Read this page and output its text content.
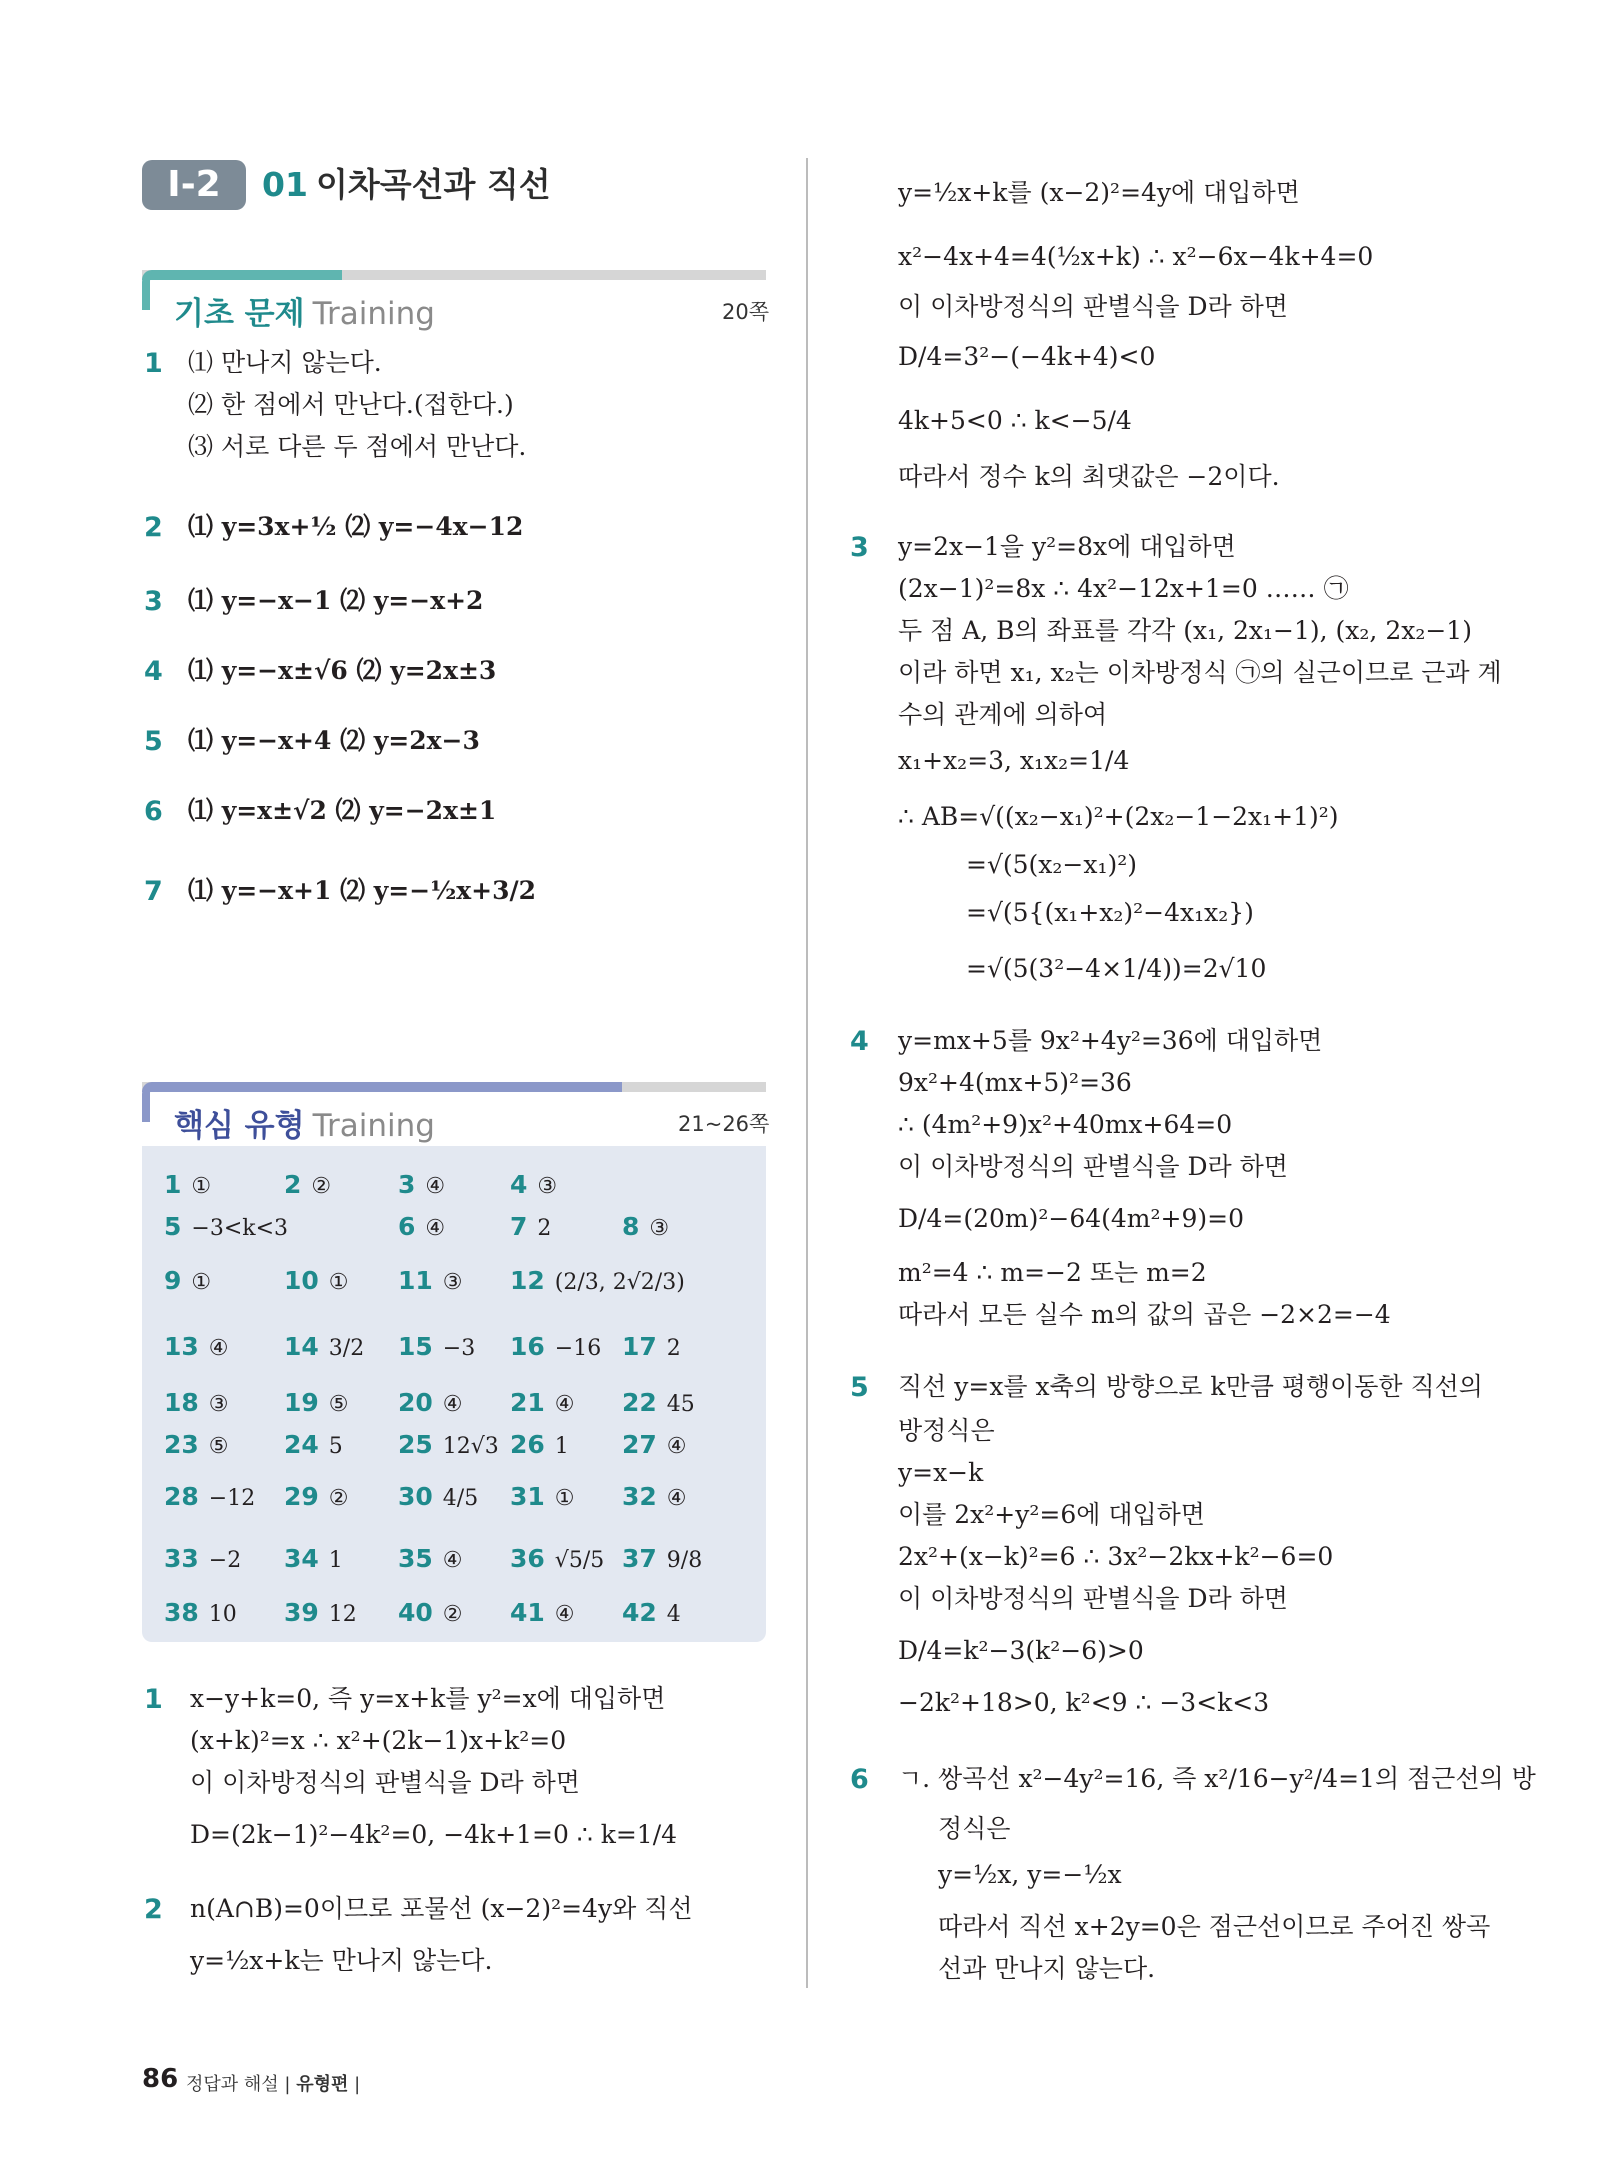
Ⅰ-2	01 이차곡선과 직선
기초 문제 Training	20쪽
1 ⑴ 만나지 않는다.
⑵ 한 점에서 만난다.(접한다.)
⑶ 서로 다른 두 점에서 만난다.
2 ⑴ y=3x+½ ⑵ y=−4x−12
3 ⑴ y=−x−1 ⑵ y=−x+2
4 ⑴ y=−x±√6 ⑵ y=2x±3
5 ⑴ y=−x+4 ⑵ y=2x−3
6 ⑴ y=x±√2 ⑵ y=−2x±1
7 ⑴ y=−x+1 ⑵ y=−½x+3/2
핵심 유형 Training	21~26쪽
1 ①	2 ②	3 ④	4 ③
5 −3<k<3	6 ④	7 2	8 ③
9 ①	10 ① 11 ③ 12 (2/3, 2√2/3)
13 ④ 14 3/2 15 −3 16 −16 17 2
18 ③ 19 ⑤ 20 ④ 21 ④ 22 45
23 ⑤ 24 5 25 12√3 26 1 27 ④
28 −12 29 ② 30 4/5 31 ① 32 ④
33 −2 34 1 35 ④ 36 √5/5 37 9/8
38 10 39 12 40 ② 41 ④ 42 4
1 x−y+k=0, 즉 y=x+k를 y²=x에 대입하면
(x+k)²=x ∴ x²+(2k−1)x+k²=0
이 이차방정식의 판별식을 D라 하면
D=(2k−1)²−4k²=0, −4k+1=0 ∴ k=1/4
2 n(A∩B)=0이므로 포물선 (x−2)²=4y와 직선
y=½x+k는 만나지 않는다.
y=½x+k를 (x−2)²=4y에 대입하면
x²−4x+4=4(½x+k) ∴ x²−6x−4k+4=0
이 이차방정식의 판별식을 D라 하면
D/4=3²−(−4k+4)<0
4k+5<0 ∴ k<−5/4
따라서 정수 k의 최댓값은 −2이다.
3 y=2x−1을 y²=8x에 대입하면
(2x−1)²=8x ∴ 4x²−12x+1=0 …… ㉠
두 점 A, B의 좌표를 각각 (x₁, 2x₁−1), (x₂, 2x₂−1)
이라 하면 x₁, x₂는 이차방정식 ㉠의 실근이므로 근과 계
수의 관계에 의하여
x₁+x₂=3, x₁x₂=1/4
∴ AB=√((x₂−x₁)²+(2x₂−1−2x₁+1)²)
=√(5(x₂−x₁)²)
=√(5{(x₁+x₂)²−4x₁x₂})
=√(5(3²−4×1/4))=2√10
4 y=mx+5를 9x²+4y²=36에 대입하면
9x²+4(mx+5)²=36
∴ (4m²+9)x²+40mx+64=0
이 이차방정식의 판별식을 D라 하면
D/4=(20m)²−64(4m²+9)=0
m²=4 ∴ m=−2 또는 m=2
따라서 모든 실수 m의 값의 곱은 −2×2=−4
5 직선 y=x를 x축의 방향으로 k만큼 평행이동한 직선의
방정식은
y=x−k
이를 2x²+y²=6에 대입하면
2x²+(x−k)²=6 ∴ 3x²−2kx+k²−6=0
이 이차방정식의 판별식을 D라 하면
D/4=k²−3(k²−6)>0
−2k²+18>0, k²<9 ∴ −3<k<3
6 ㄱ. 쌍곡선 x²−4y²=16, 즉 x²/16−y²/4=1의 점근선의 방
정식은
y=½x, y=−½x
따라서 직선 x+2y=0은 점근선이므로 주어진 쌍곡
선과 만나지 않는다.
86 정답과 해설 | 유형편 |
